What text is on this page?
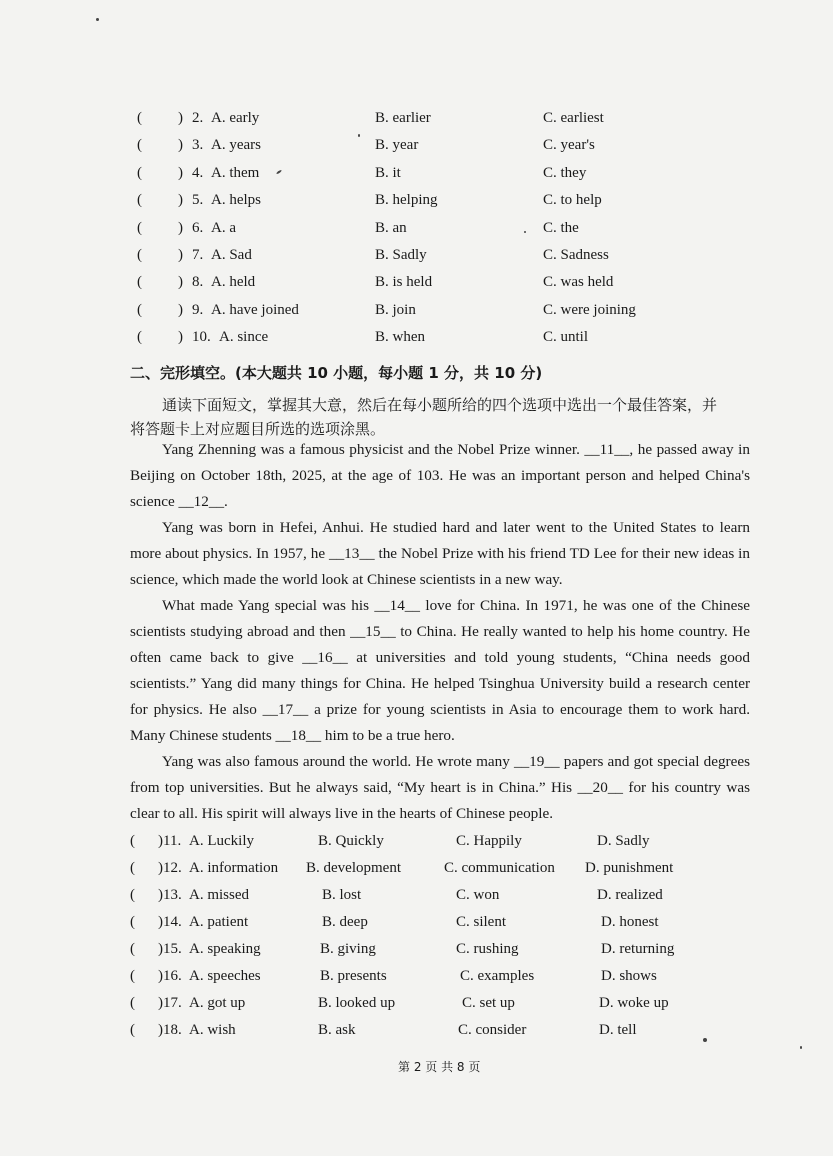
( ) 2. A. early	B. earlier	C. earliest
( ) 3. A. years	B. year	C. year's
( ) 4. A. them	B. it	C. they
( ) 5. A. helps	B. helping	C. to help
( ) 6. A. a	B. an	C. the
( ) 7. A. Sad	B. Sadly	C. Sadness
( ) 8. A. held	B. is held	C. was held
( ) 9. A. have joined	B. join	C. were joining
( ) 10. A. since	B. when	C. until
二、完形填空。(本大题共 10 小题，每小题 1 分，共 10 分)
通读下面短文，掌握其大意，然后在每小题所给的四个选项中选出一个最佳答案，并
将答题卡上对应题目所选的选项涂黑。

Yang Zhenning was a famous physicist and the Nobel Prize winner. __11__, he passed away in Beijing on October 18th, 2025, at the age of 103. He was an important person and helped China's science __12__.

Yang was born in Hefei, Anhui. He studied hard and later went to the United States to learn more about physics. In 1957, he __13__ the Nobel Prize with his friend TD Lee for their new ideas in science, which made the world look at Chinese scientists in a new way.

What made Yang special was his __14__ love for China. In 1971, he was one of the Chinese scientists studying abroad and then __15__ to China. He really wanted to help his home country. He often came back to give __16__ at universities and told young students, “China needs good scientists.” Yang did many things for China. He helped Tsinghua University build a research center for physics. He also __17__ a prize for young scientists in Asia to encourage them to work hard. Many Chinese students __18__ him to be a true hero.

Yang was also famous around the world. He wrote many __19__ papers and got special degrees from top universities. But he always said, “My heart is in China.” His __20__ for his country was clear to all. His spirit will always live in the hearts of Chinese people.

( ) 11. A. Luckily	B. Quickly	C. Happily	D. Sadly
( ) 12. A. information B. development	C. communication D. punishment
( ) 13. A. missed	B. lost	C. won	D. realized
( ) 14. A. patient	B. deep	C. silent	D. honest
( ) 15. A. speaking	B. giving	C. rushing	D. returning
( ) 16. A. speeches	B. presents	C. examples	D. shows
( ) 17. A. got up	B. looked up	C. set up	D. woke up
( ) 18. A. wish	B. ask	C. consider	D. tell
第 2 页 共 8 页
